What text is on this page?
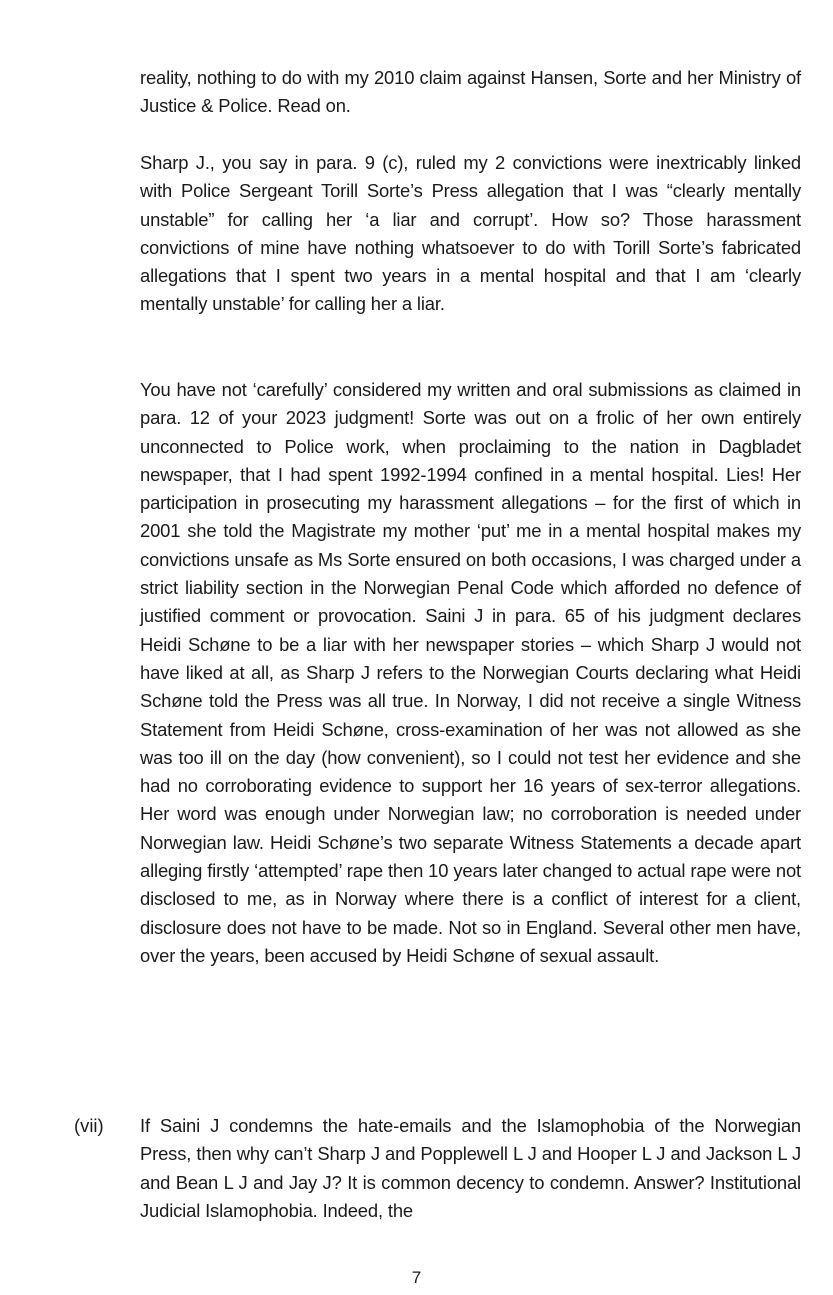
reality, nothing to do with my 2010 claim against Hansen, Sorte and her Ministry of Justice & Police. Read on.

Sharp J., you say in para. 9 (c), ruled my 2 convictions were inextricably linked with Police Sergeant Torill Sorte’s Press allegation that I was “clearly mentally unstable” for calling her ‘a liar and corrupt’. How so? Those harassment convictions of mine have nothing whatsoever to do with Torill Sorte’s fabricated allegations that I spent two years in a mental hospital and that I am ‘clearly mentally unstable’ for calling her a liar.

You have not ‘carefully’ considered my written and oral submissions as claimed in para. 12 of your 2023 judgment! Sorte was out on a frolic of her own entirely unconnected to Police work, when proclaiming to the nation in Dagbladet newspaper, that I had spent 1992-1994 confined in a mental hospital. Lies! Her participation in prosecuting my harassment allegations – for the first of which in 2001 she told the Magistrate my mother ‘put’ me in a mental hospital makes my convictions unsafe as Ms Sorte ensured on both occasions, I was charged under a strict liability section in the Norwegian Penal Code which afforded no defence of justified comment or provocation. Saini J in para. 65 of his judgment declares Heidi Schøne to be a liar with her newspaper stories – which Sharp J would not have liked at all, as Sharp J refers to the Norwegian Courts declaring what Heidi Schøne told the Press was all true. In Norway, I did not receive a single Witness Statement from Heidi Schøne, cross-examination of her was not allowed as she was too ill on the day (how convenient), so I could not test her evidence and she had no corroborating evidence to support her 16 years of sex-terror allegations. Her word was enough under Norwegian law; no corroboration is needed under Norwegian law. Heidi Schøne’s two separate Witness Statements a decade apart alleging firstly ‘attempted’ rape then 10 years later changed to actual rape were not disclosed to me, as in Norway where there is a conflict of interest for a client, disclosure does not have to be made. Not so in England. Several other men have, over the years, been accused by Heidi Schøne of sexual assault.

(vii) If Saini J condemns the hate-emails and the Islamophobia of the Norwegian Press, then why can’t Sharp J and Popplewell L J and Hooper L J and Jackson L J and Bean L J and Jay J? It is common decency to condemn. Answer? Institutional Judicial Islamophobia. Indeed, the

7
